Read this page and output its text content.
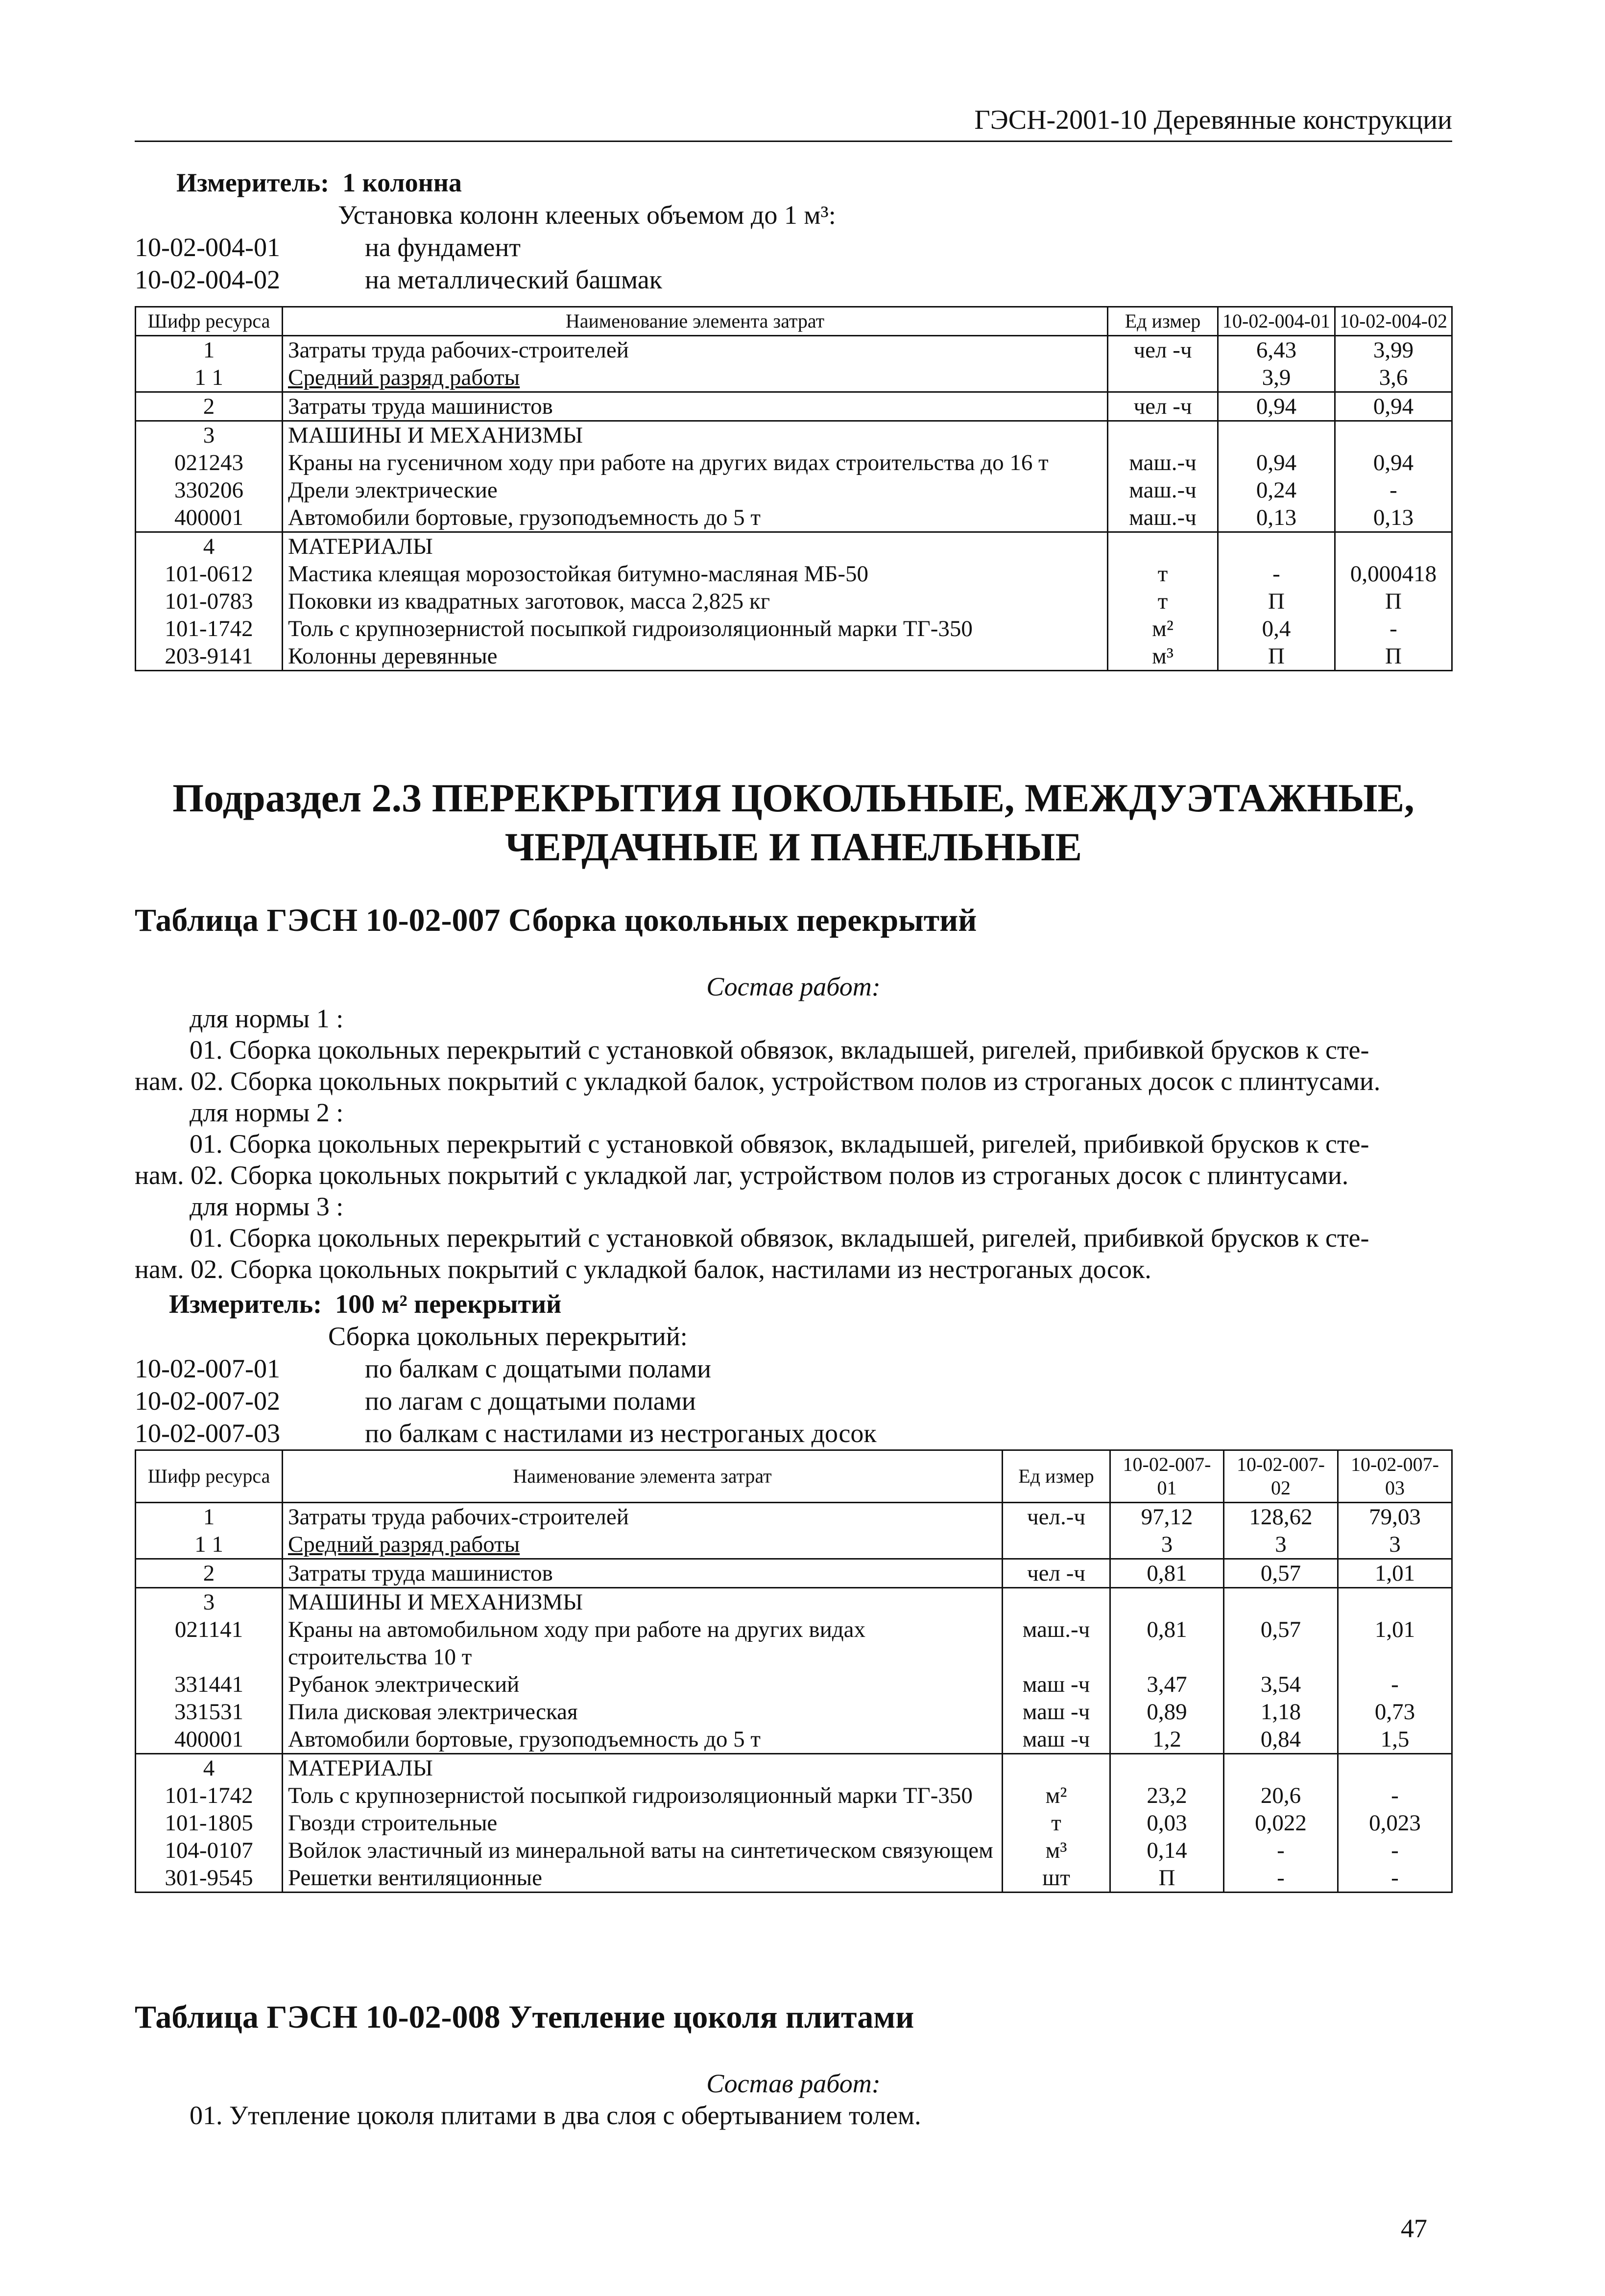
ГЭСН-2001-10 Деревянные конструкции
Измеритель: 1 колонна
Установка колонн клееных объемом до 1 м³:
10-02-004-01	на фундамент
10-02-004-02	на металлический башмак
Шифр ресурса	Наименование элемента затрат	Ед измер	10-02-004-01	10-02-004-02
1	Затраты труда рабочих-строителей	чел -ч	6,43	3,99
1 1	Средний разряд работы		3,9	3,6
2	Затраты труда машинистов	чел -ч	0,94	0,94
3	МАШИНЫ И МЕХАНИЗМЫ			
021243	Краны на гусеничном ходу при работе на других видах строительства до 16 т	маш.-ч	0,94	0,94
330206	Дрели электрические	маш.-ч	0,24	-
400001	Автомобили бортовые, грузоподъемность до 5 т	маш.-ч	0,13	0,13
4	МАТЕРИАЛЫ			
101-0612	Мастика клеящая морозостойкая битумно-масляная МБ-50	т	-	0,000418
101-0783	Поковки из квадратных заготовок, масса 2,825 кг	т	П	П
101-1742	Толь с крупнозернистой посыпкой гидроизоляционный марки ТГ-350	м²	0,4	-
203-9141	Колонны деревянные	м³	П	П
Подраздел 2.3 ПЕРЕКРЫТИЯ ЦОКОЛЬНЫЕ, МЕЖДУЭТАЖНЫЕ,
ЧЕРДАЧНЫЕ И ПАНЕЛЬНЫЕ
Таблица ГЭСН 10-02-007 Сборка цокольных перекрытий
Состав работ:

для нормы 1 :

01. Сборка цокольных перекрытий с установкой обвязок, вкладышей, ригелей, прибивкой брусков к сте-

нам. 02. Сборка цокольных покрытий с укладкой балок, устройством полов из строганых досок с плинтусами.

для нормы 2 :

01. Сборка цокольных перекрытий с установкой обвязок, вкладышей, ригелей, прибивкой брусков к сте-

нам. 02. Сборка цокольных покрытий с укладкой лаг, устройством полов из строганых досок с плинтусами.

для нормы 3 :

01. Сборка цокольных перекрытий с установкой обвязок, вкладышей, ригелей, прибивкой брусков к сте-

нам. 02. Сборка цокольных покрытий с укладкой балок, настилами из нестроганых досок.

Измеритель: 100 м² перекрытий
Сборка цокольных перекрытий:
10-02-007-01	по балкам с дощатыми полами
10-02-007-02	по лагам с дощатыми полами
10-02-007-03	по балкам с настилами из нестроганых досок
Шифр ресурса	Наименование элемента затрат	Ед измер	10-02-007-01	10-02-007-02	10-02-007-03
1	Затраты труда рабочих-строителей	чел.-ч	97,12	128,62	79,03
1 1	Средний разряд работы		3	3	3
2	Затраты труда машинистов	чел -ч	0,81	0,57	1,01
3	МАШИНЫ И МЕХАНИЗМЫ				
021141	Краны на автомобильном ходу при работе на других видах строительства 10 т	маш.-ч	0,81	0,57	1,01
331441	Рубанок электрический	маш -ч	3,47	3,54	-
331531	Пила дисковая электрическая	маш -ч	0,89	1,18	0,73
400001	Автомобили бортовые, грузоподъемность до 5 т	маш -ч	1,2	0,84	1,5
4	МАТЕРИАЛЫ				
101-1742	Толь с крупнозернистой посыпкой гидроизоляционный марки ТГ-350	м²	23,2	20,6	-
101-1805	Гвозди строительные	т	0,03	0,022	0,023
104-0107	Войлок эластичный из минеральной ваты на синтетическом связующем	м³	0,14	-	-
301-9545	Решетки вентиляционные	шт	П	-	-
Таблица ГЭСН 10-02-008 Утепление цоколя плитами
Состав работ:

01. Утепление цоколя плитами в два слоя с обертыванием толем.

47
